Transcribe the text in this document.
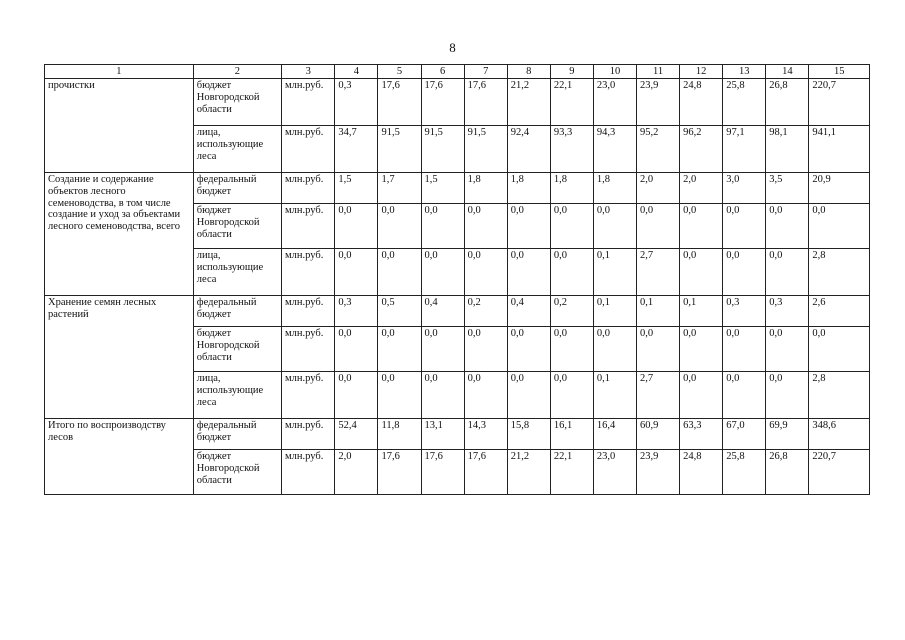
8
1	2	3	4	5	6	7	8	9	10	11	12	13	14	15
прочистки	бюджет Новгородской области	млн.руб.	0,3	17,6	17,6	17,6	21,2	22,1	23,0	23,9	24,8	25,8	26,8	220,7
	лица, использующие леса	млн.руб.	34,7	91,5	91,5	91,5	92,4	93,3	94,3	95,2	96,2	97,1	98,1	941,1
Создание и содержание объектов лесного семеноводства, в том числе создание и уход за объектами лесного семеноводства, всего	федеральный бюджет	млн.руб.	1,5	1,7	1,5	1,8	1,8	1,8	1,8	2,0	2,0	3,0	3,5	20,9
	бюджет Новгородской области	млн.руб.	0,0	0,0	0,0	0,0	0,0	0,0	0,0	0,0	0,0	0,0	0,0	0,0
	лица, использующие леса	млн.руб.	0,0	0,0	0,0	0,0	0,0	0,0	0,1	2,7	0,0	0,0	0,0	2,8
Хранение семян лесных растений	федеральный бюджет	млн.руб.	0,3	0,5	0,4	0,2	0,4	0,2	0,1	0,1	0,1	0,3	0,3	2,6
	бюджет Новгородской области	млн.руб.	0,0	0,0	0,0	0,0	0,0	0,0	0,0	0,0	0,0	0,0	0,0	0,0
	лица, использующие леса	млн.руб.	0,0	0,0	0,0	0,0	0,0	0,0	0,1	2,7	0,0	0,0	0,0	2,8
Итого по воспроизводству лесов	федеральный бюджет	млн.руб.	52,4	11,8	13,1	14,3	15,8	16,1	16,4	60,9	63,3	67,0	69,9	348,6
	бюджет Новгородской области	млн.руб.	2,0	17,6	17,6	17,6	21,2	22,1	23,0	23,9	24,8	25,8	26,8	220,7
